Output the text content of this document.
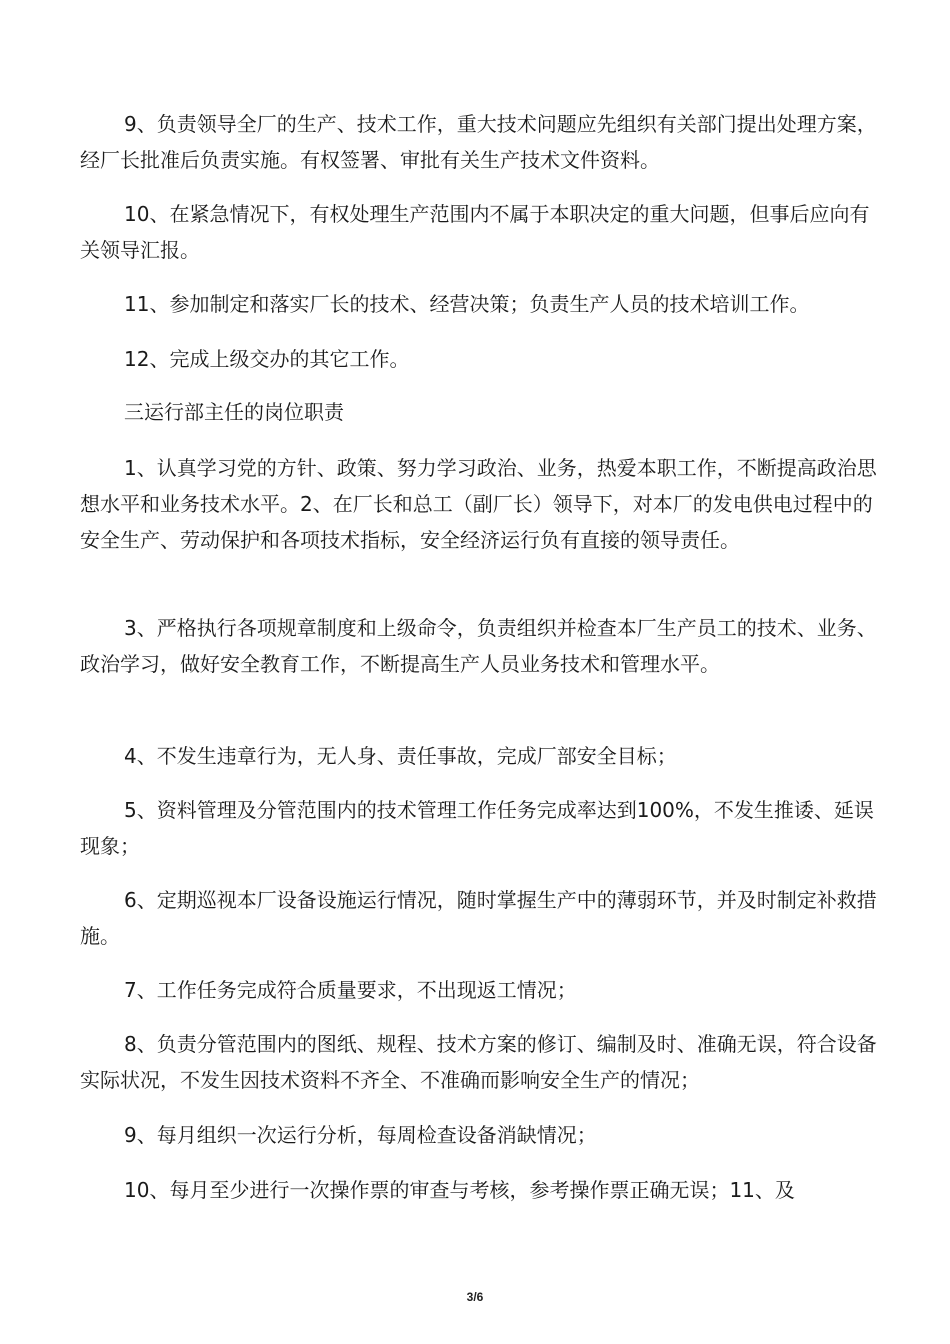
9、负责领导全厂的生产、技术工作，重大技术问题应先组织有关部门提出处理方案，经厂长批准后负责实施。有权签署、审批有关生产技术文件资料。

10、在紧急情况下，有权处理生产范围内不属于本职决定的重大问题，但事后应向有关领导汇报。

11、参加制定和落实厂长的技术、经营决策；负责生产人员的技术培训工作。

12、完成上级交办的其它工作。

三运行部主任的岗位职责

1、认真学习党的方针、政策、努力学习政治、业务，热爱本职工作，不断提高政治思想水平和业务技术水平。2、在厂长和总工（副厂长）领导下，对本厂的发电供电过程中的安全生产、劳动保护和各项技术指标，安全经济运行负有直接的领导责任。

3、严格执行各项规章制度和上级命令，负责组织并检查本厂生产员工的技术、业务、政治学习，做好安全教育工作，不断提高生产人员业务技术和管理水平。

4、不发生违章行为，无人身、责任事故，完成厂部安全目标；

5、资料管理及分管范围内的技术管理工作任务完成率达到100%，不发生推诿、延误现象；

6、定期巡视本厂设备设施运行情况，随时掌握生产中的薄弱环节，并及时制定补救措施。

7、工作任务完成符合质量要求，不出现返工情况；

8、负责分管范围内的图纸、规程、技术方案的修订、编制及时、准确无误，符合设备实际状况，不发生因技术资料不齐全、不准确而影响安全生产的情况；

9、每月组织一次运行分析，每周检查设备消缺情况；

10、每月至少进行一次操作票的审查与考核，参考操作票正确无误；11、及

3/6
